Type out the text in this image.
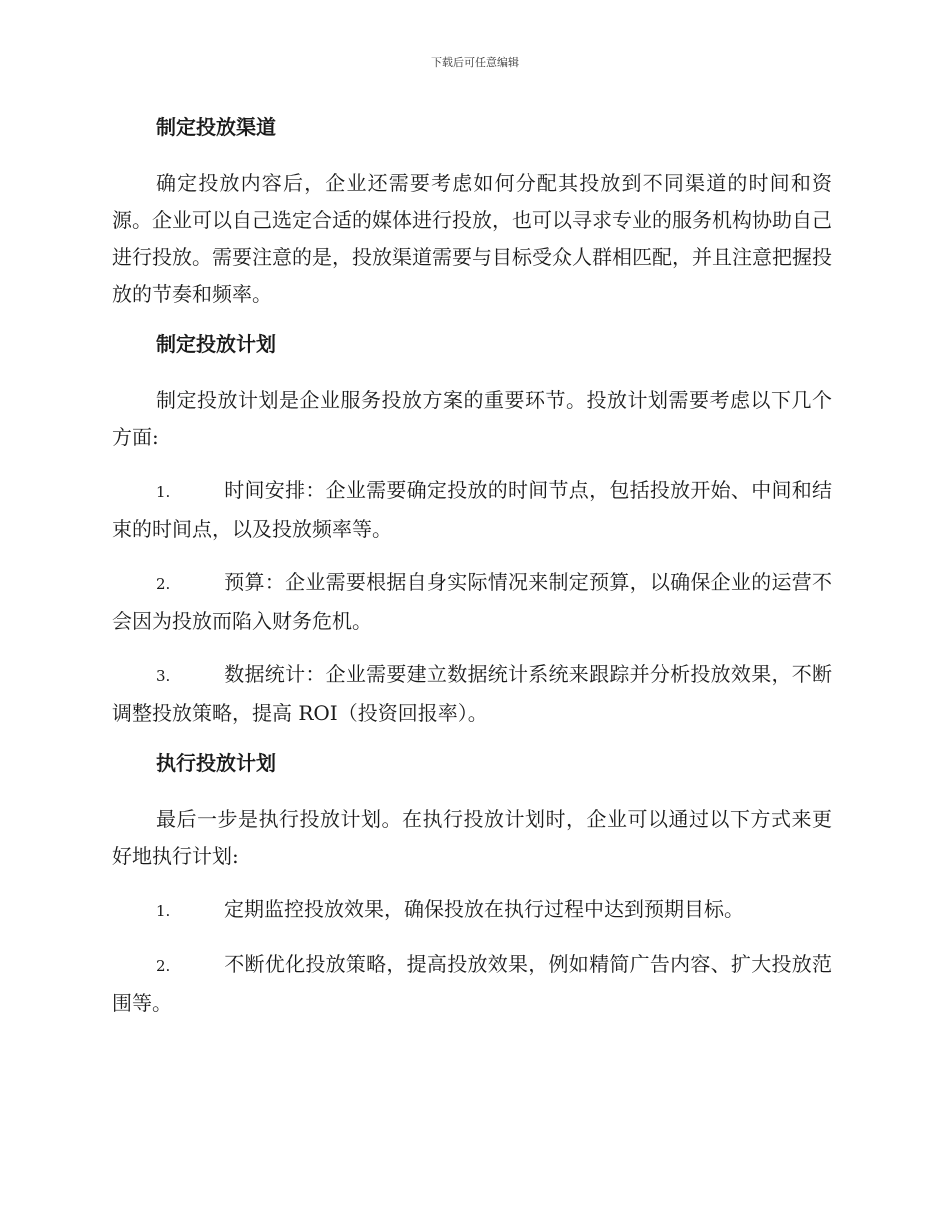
下载后可任意编辑
制定投放渠道

确定投放内容后，企业还需要考虑如何分配其投放到不同渠道的时间和资源。企业可以自己选定合适的媒体进行投放，也可以寻求专业的服务机构协助自己进行投放。需要注意的是，投放渠道需要与目标受众人群相匹配，并且注意把握投放的节奏和频率。

制定投放计划

制定投放计划是企业服务投放方案的重要环节。投放计划需要考虑以下几个方面:

1.	时间安排：企业需要确定投放的时间节点，包括投放开始、中间和结束的时间点，以及投放频率等。

2.	预算：企业需要根据自身实际情况来制定预算，以确保企业的运营不会因为投放而陷入财务危机。

3.	数据统计：企业需要建立数据统计系统来跟踪并分析投放效果，不断调整投放策略，提高 ROI（投资回报率）。

执行投放计划

最后一步是执行投放计划。在执行投放计划时，企业可以通过以下方式来更好地执行计划:

1.	定期监控投放效果，确保投放在执行过程中达到预期目标。

2.	不断优化投放策略，提高投放效果，例如精简广告内容、扩大投放范围等。
